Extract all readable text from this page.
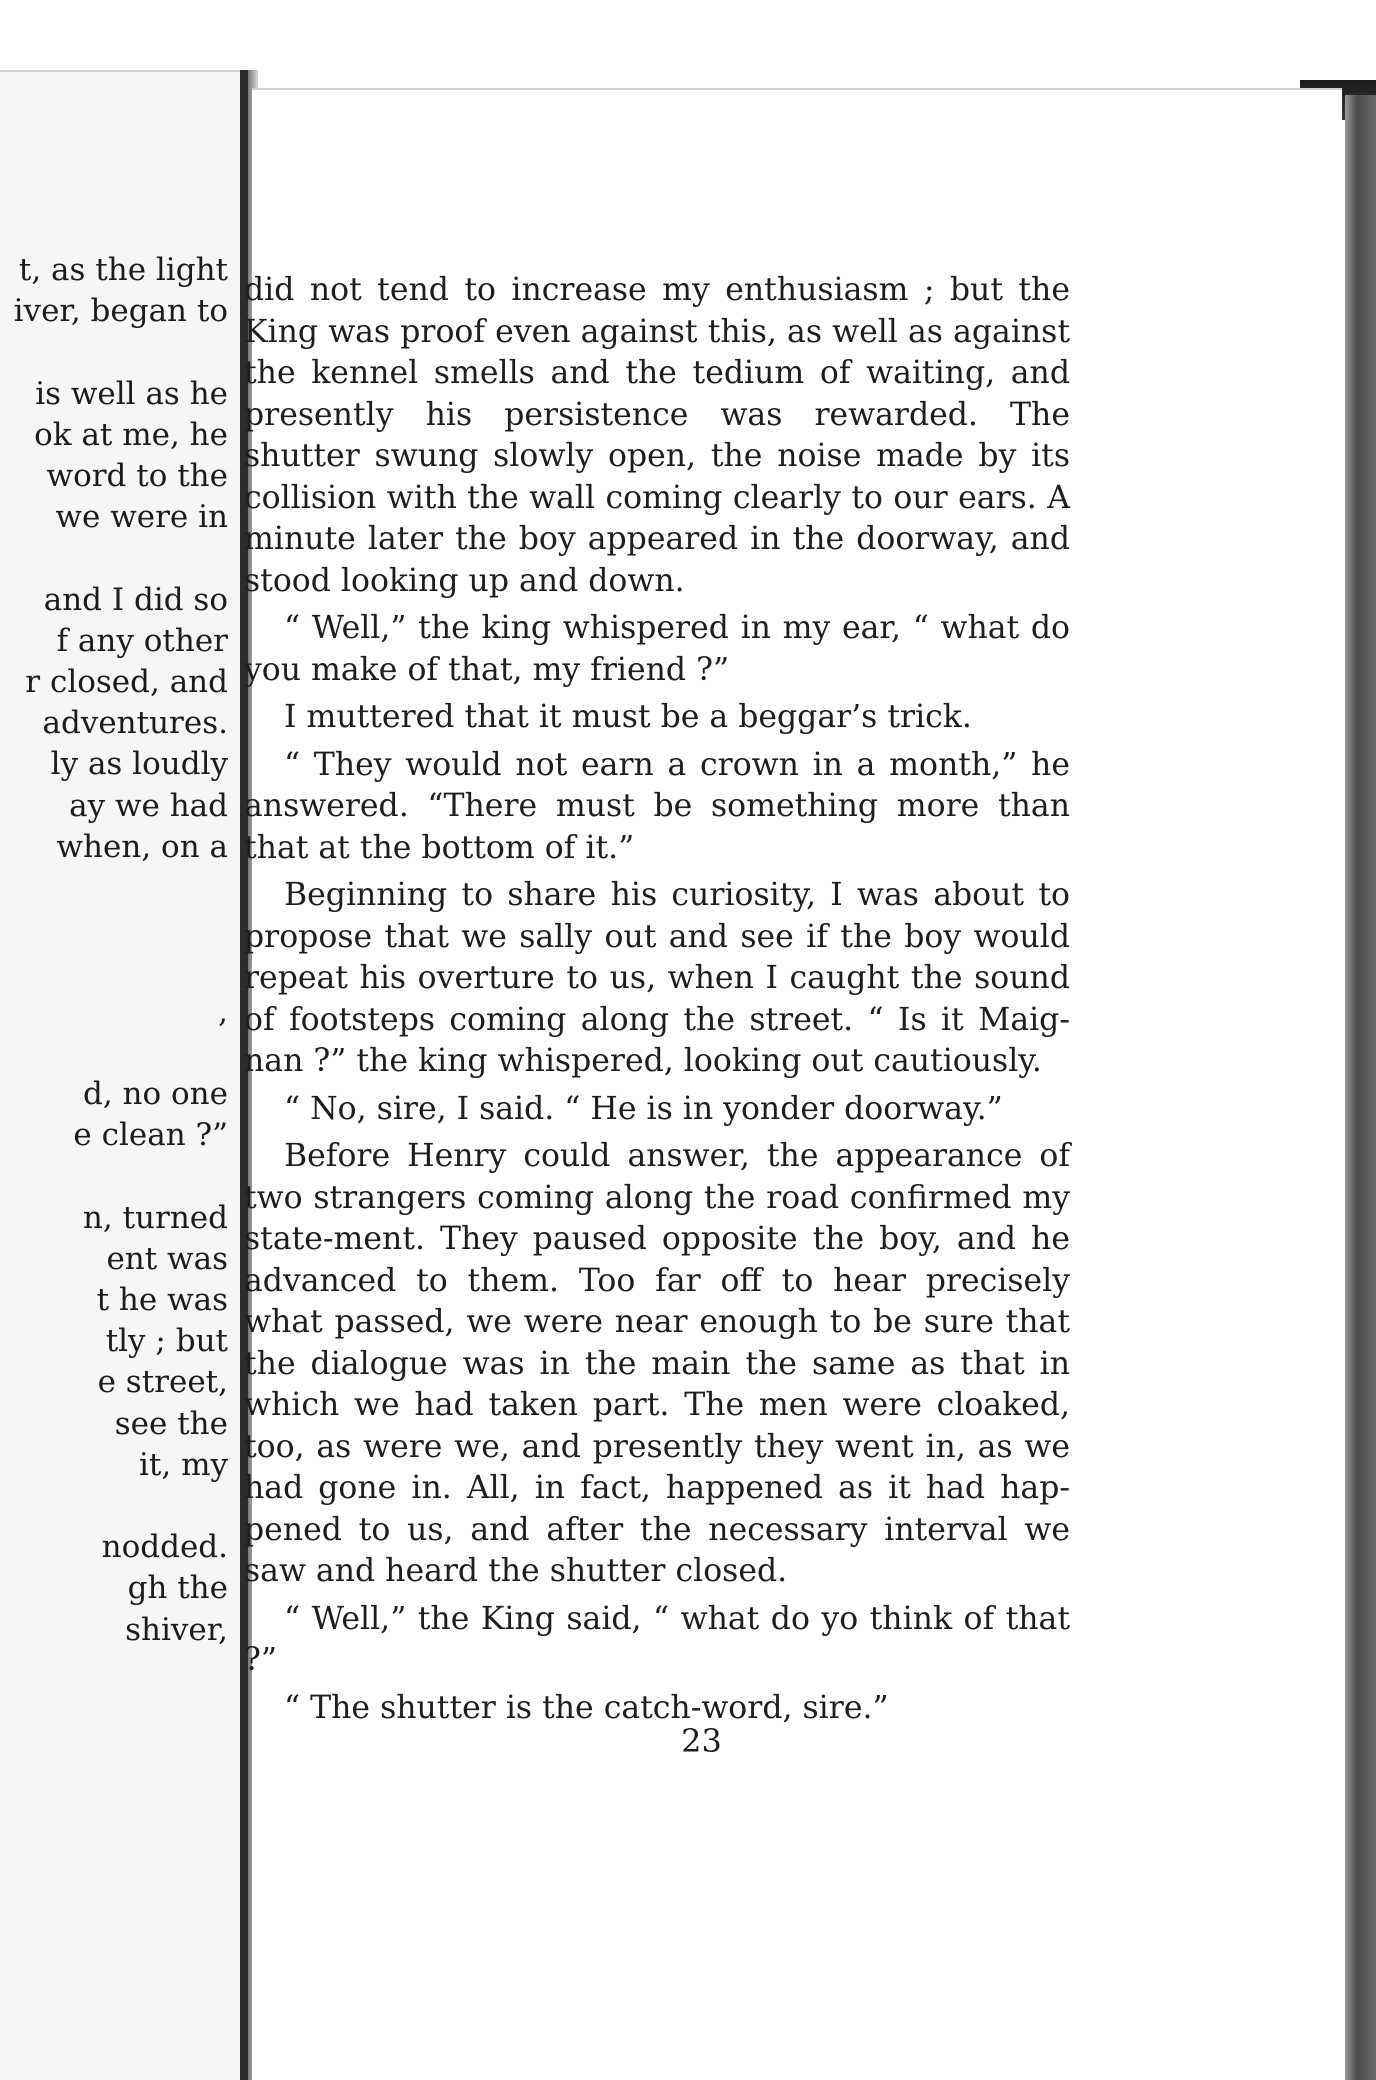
t, as the light
iver, began to
is well as he
ok at me, he
word to the
we were in
and I did so
f any other
r closed, and
adventures.
ly as loudly
ay we had
when, on a
,
d, no one
e clean ?”
n, turned
ent was
t he was
tly ; but
e street,
see the
it, my
nodded.
gh the
shiver,

did not tend to increase my enthusiasm ; but the King was proof even against this, as well as against the kennel smells and the tedium of waiting, and presently his persistence was rewarded. The shutter swung slowly open, the noise made by its collision with the wall coming clearly to our ears. A minute later the boy appeared in the doorway, and stood looking up and down.

“ Well,” the king whispered in my ear, “ what do you make of that, my friend ?”

I muttered that it must be a beggar’s trick.

“ They would not earn a crown in a month,” he answered. “There must be something more than that at the bottom of it.”

Beginning to share his curiosity, I was about to propose that we sally out and see if the boy would repeat his overture to us, when I caught the sound of footsteps coming along the street. “ Is it Maig-nan ?” the king whispered, looking out cautiously.

“ No, sire, I said. “ He is in yonder doorway.”

Before Henry could answer, the appearance of two strangers coming along the road confirmed my state-ment. They paused opposite the boy, and he advanced to them. Too far off to hear precisely what passed, we were near enough to be sure that the dialogue was in the main the same as that in which we had taken part. The men were cloaked, too, as were we, and presently they went in, as we had gone in. All, in fact, happened as it had hap-pened to us, and after the necessary interval we saw and heard the shutter closed.

“ Well,” the King said, “ what do yo think of that ?”

“ The shutter is the catch-word, sire.”

23
